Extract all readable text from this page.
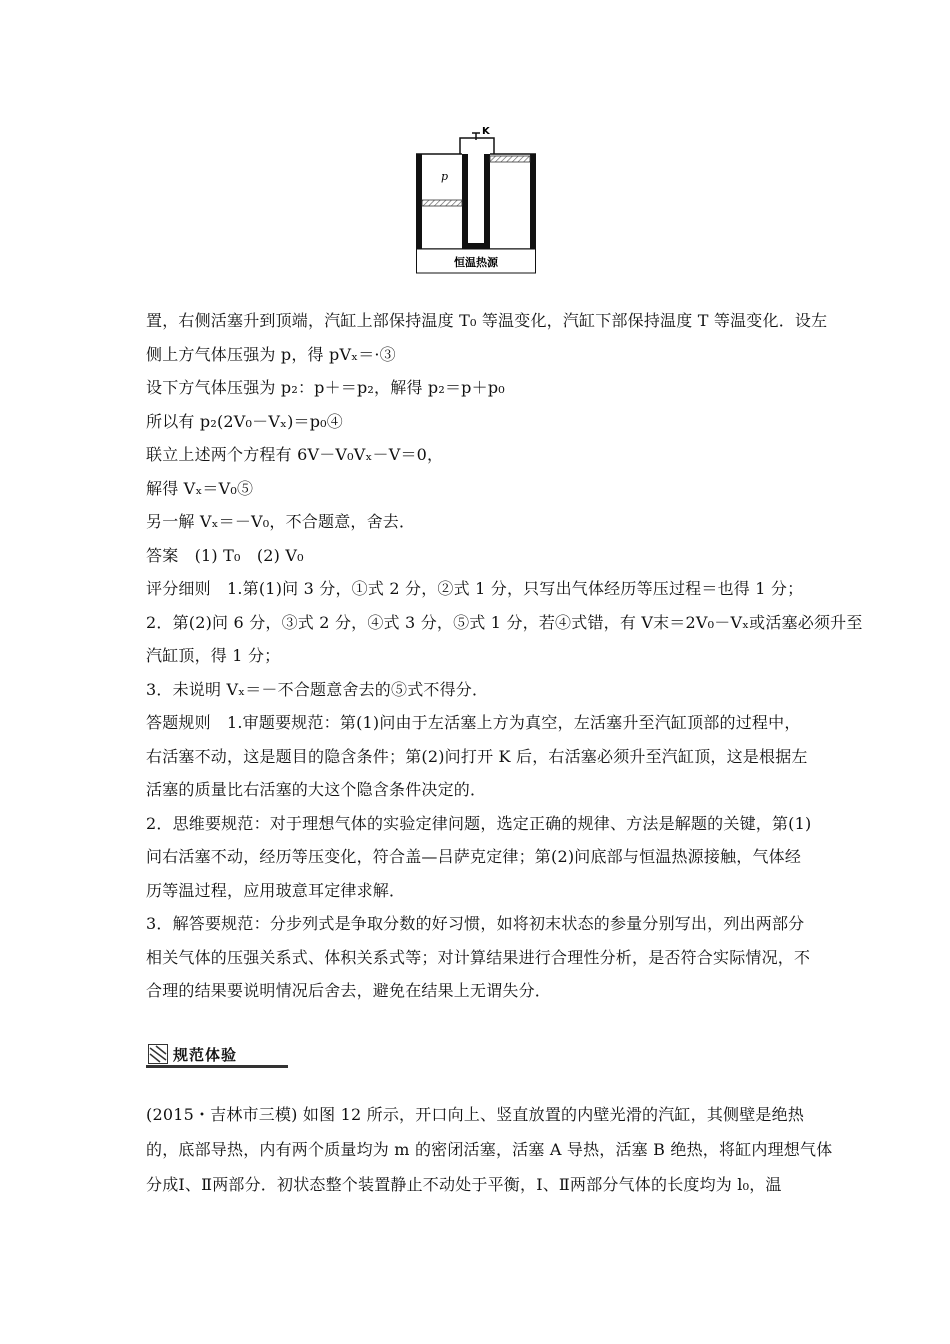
K
p
恒温热源
置，右侧活塞升到顶端，汽缸上部保持温度 T₀ 等温变化，汽缸下部保持温度 T 等温变化．设左
侧上方气体压强为 p，得 pVₓ＝·③
设下方气体压强为 p₂：p＋＝p₂，解得 p₂＝p＋p₀
所以有 p₂(2V₀－Vₓ)＝p₀④
联立上述两个方程有 6V－V₀Vₓ－V＝0，
解得 Vₓ＝V₀⑤
另一解 Vₓ＝－V₀，不合题意，舍去．
答案　(1) T₀　(2) V₀
评分细则　1.第(1)问 3 分，①式 2 分，②式 1 分，只写出气体经历等压过程＝也得 1 分；
2．第(2)问 6 分，③式 2 分，④式 3 分，⑤式 1 分，若④式错，有 V末＝2V₀－Vₓ或活塞必须升至
汽缸顶，得 1 分；
3．未说明 Vₓ＝－不合题意舍去的⑤式不得分．
答题规则　1.审题要规范：第(1)问由于左活塞上方为真空，左活塞升至汽缸顶部的过程中，
右活塞不动，这是题目的隐含条件；第(2)问打开 K 后，右活塞必须升至汽缸顶，这是根据左
活塞的质量比右活塞的大这个隐含条件决定的．
2．思维要规范：对于理想气体的实验定律问题，选定正确的规律、方法是解题的关键，第(1)
问右活塞不动，经历等压变化，符合盖—吕萨克定律；第(2)问底部与恒温热源接触，气体经
历等温过程，应用玻意耳定律求解．
3．解答要规范：分步列式是争取分数的好习惯，如将初末状态的参量分别写出，列出两部分
相关气体的压强关系式、体积关系式等；对计算结果进行合理性分析，是否符合实际情况，不
合理的结果要说明情况后舍去，避免在结果上无谓失分．
规范体验
(2015・吉林市三模) 如图 12 所示，开口向上、竖直放置的内壁光滑的汽缸，其侧壁是绝热
的，底部导热，内有两个质量均为 m 的密闭活塞，活塞 A 导热，活塞 B 绝热，将缸内理想气体
分成Ⅰ、Ⅱ两部分．初状态整个装置静止不动处于平衡，Ⅰ、Ⅱ两部分气体的长度均为 l₀，温
